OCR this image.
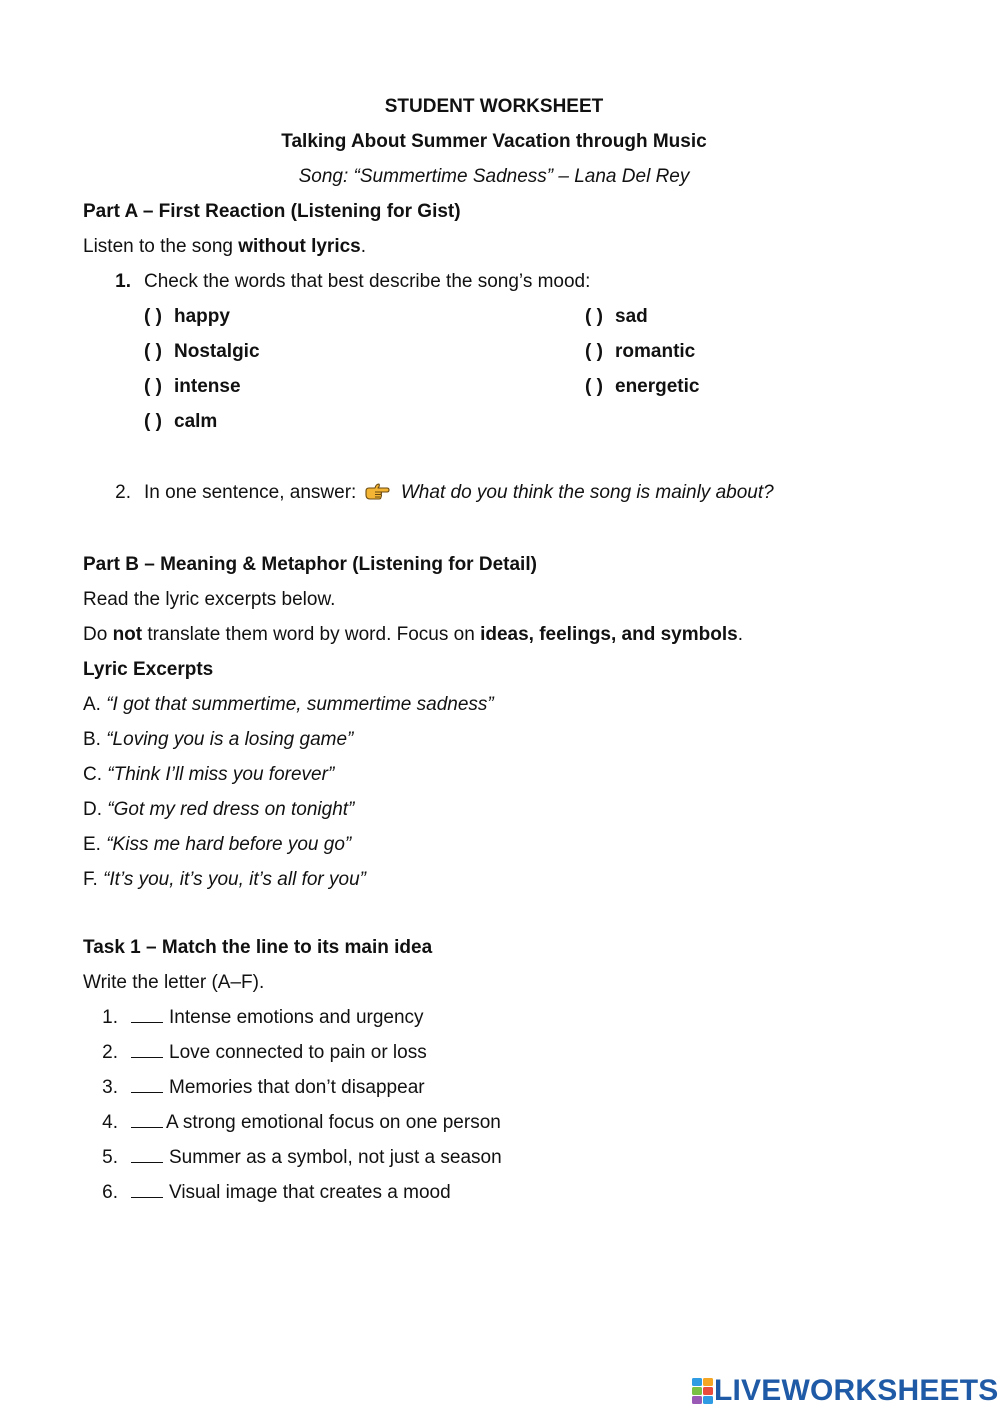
STUDENT WORKSHEET
Talking About Summer Vacation through Music
Song: “Summertime Sadness” – Lana Del Rey
Part A – First Reaction (Listening for Gist)
Listen to the song without lyrics.
1. Check the words that best describe the song’s mood:
( ) happy	( ) sad
( ) Nostalgic	( ) romantic
( ) intense	( ) energetic
( ) calm
2. In one sentence, answer: What do you think the song is mainly about?
Part B – Meaning & Metaphor (Listening for Detail)
Read the lyric excerpts below.
Do not translate them word by word. Focus on ideas, feelings, and symbols.
Lyric Excerpts
A. “I got that summertime, summertime sadness”
B. “Loving you is a losing game”
C. “Think I’ll miss you forever”
D. “Got my red dress on tonight”
E. “Kiss me hard before you go”
F. “It’s you, it’s you, it’s all for you”
Task 1 – Match the line to its main idea
Write the letter (A–F).
1.	Intense emotions and urgency
2.	Love connected to pain or loss
3.	Memories that don’t disappear
4.	A strong emotional focus on one person
5.	Summer as a symbol, not just a season
6.	Visual image that creates a mood
LIVEWORKSHEETS
